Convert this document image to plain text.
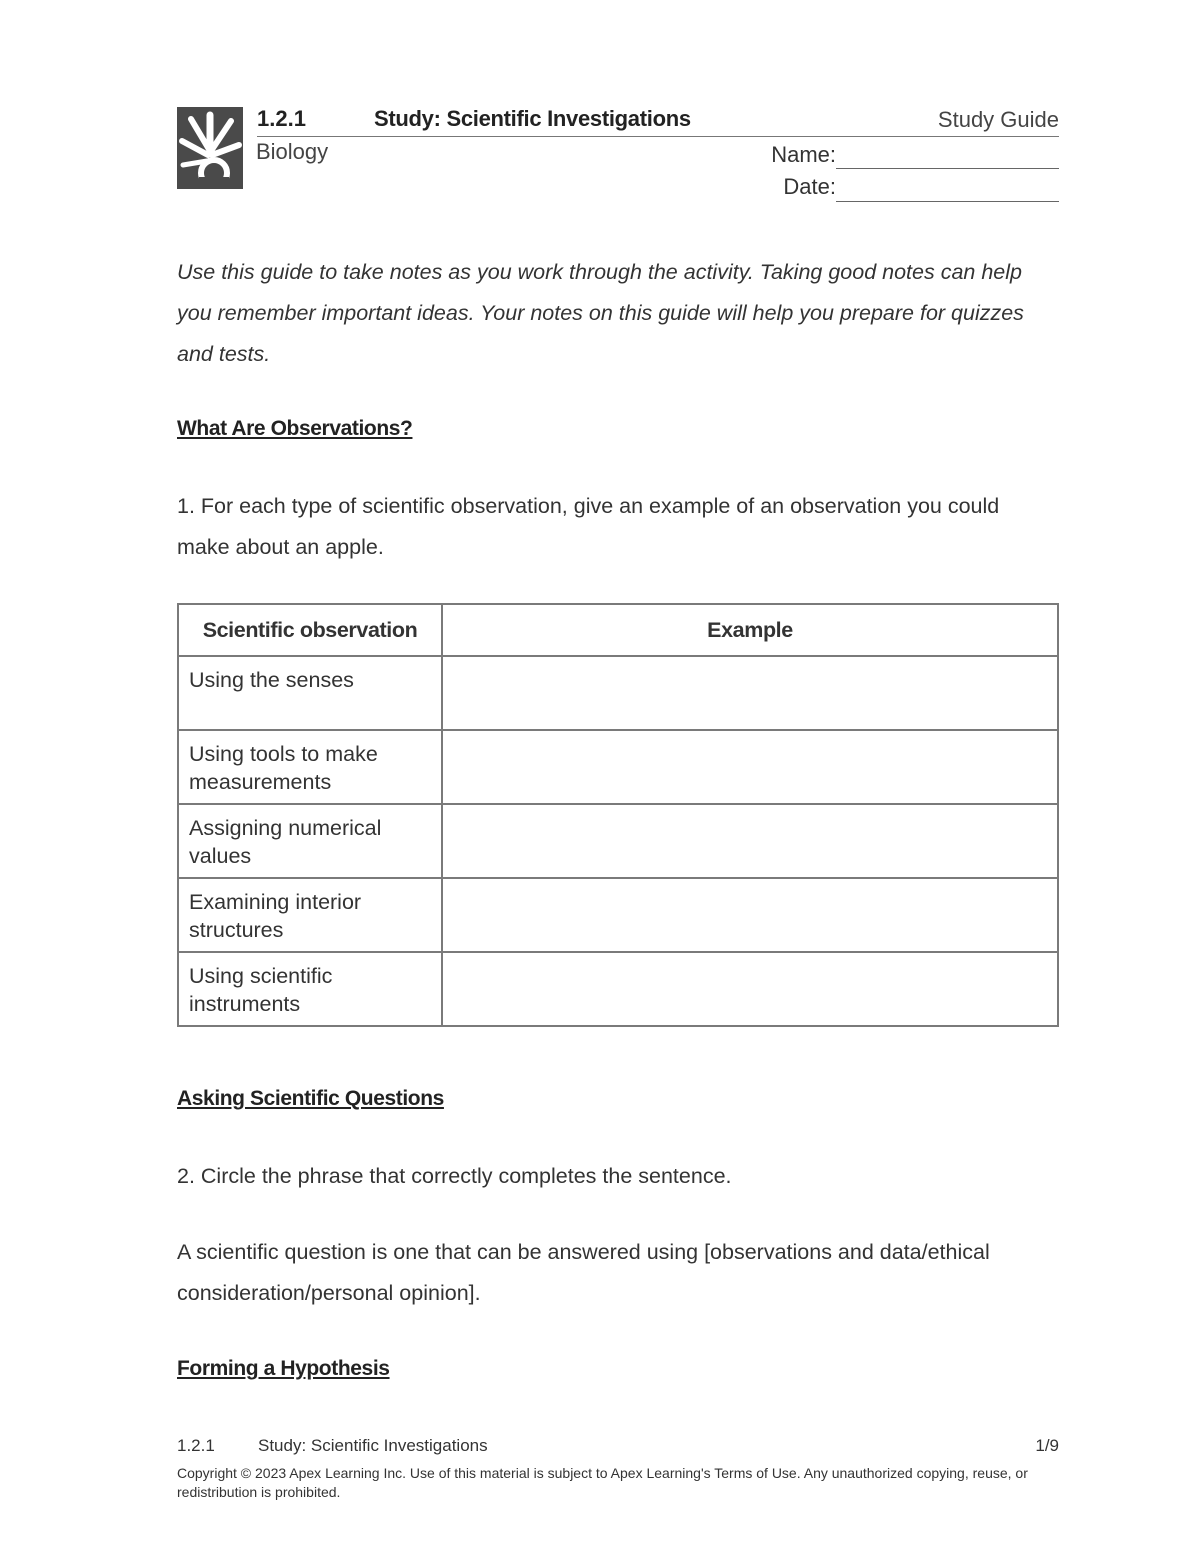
1.2.1	Study: Scientific Investigations	Study Guide
Biology	Name:
Date:
Use this guide to take notes as you work through the activity. Taking good notes can help you remember important ideas. Your notes on this guide will help you prepare for quizzes and tests.
What Are Observations?
1. For each type of scientific observation, give an example of an observation you could make about an apple.
Scientific observation	Example
Using the senses	
Using tools to make measurements	
Assigning numerical values	
Examining interior structures	
Using scientific instruments	
Asking Scientific Questions
2. Circle the phrase that correctly completes the sentence.
A scientific question is one that can be answered using [observations and data/ethical consideration/personal opinion].
Forming a Hypothesis
1.2.1	Study: Scientific Investigations	1/9
Copyright © 2023 Apex Learning Inc. Use of this material is subject to Apex Learning's Terms of Use. Any unauthorized copying, reuse, or redistribution is prohibited.
